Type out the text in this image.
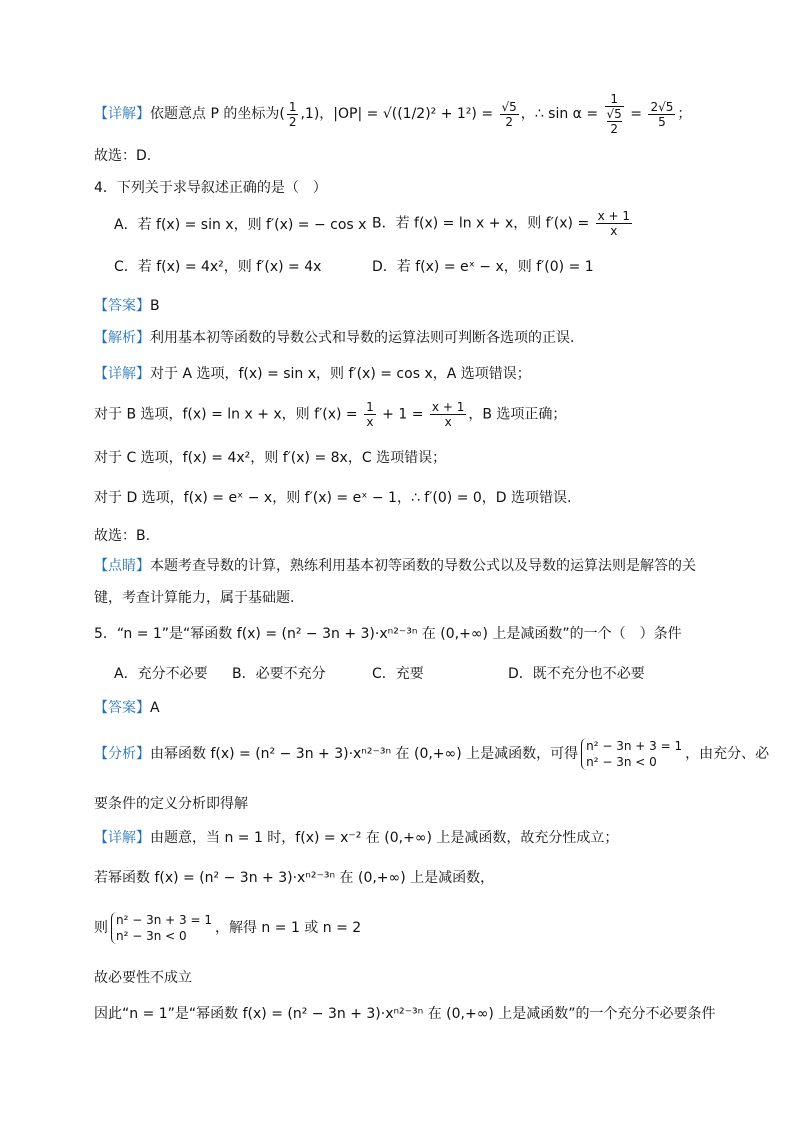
【详解】依题意点 P 的坐标为( $\frac{1}{2} ,1$)，$|OP| = √((1/2)^2 + 1^2) = \frac{√5}{2}$ ，∴ sin α = 1
√5
$2 = \frac{2√5}{5}$ ；
故选：D.
4．下列关于求导叙述正确的是（　）
A．若 f(x) = sin x，则 f′(x) = − cos x B．若 f(x) = ln x + x，则 $f'(x) = \frac{x + 1}{x}$
C．若 f(x) = 4x²，则 f′(x) = 4x	D．若 f(x) = eˣ − x，则 f′(0) = 1
【答案】B
【解析】利用基本初等函数的导数公式和导数的运算法则可判断各选项的正误.
【详解】对于 A 选项，f(x) = sin x，则 f′(x) = cos x，A 选项错误；
对于 B 选项，f(x) = ln x + x，则 $f'(x) = \frac{1}{x} + 1 = \frac{x + 1}{x}$ ，B 选项正确；
对于 C 选项，f(x) = 4x²，则 f′(x) = 8x，C 选项错误；
对于 D 选项，f(x) = eˣ − x，则 f′(x) = eˣ − 1，∴ f′(0) = 0，D 选项错误.
故选：B.
【点睛】本题考查导数的计算，熟练利用基本初等函数的导数公式以及导数的运算法则是解答的关
键，考查计算能力，属于基础题.
5．“n = 1”是“幂函数 f(x) = (n² − 3n + 3)·xⁿ²⁻³ⁿ 在 (0,+∞) 上是减函数”的一个（　）条件
A．充分不必要 B．必要不充分	C．充要	D．既不充分也不必要
【答案】A
【分析】由幂函数 f(x) = (n² − 3n + 3)·xⁿ²⁻³ⁿ 在 (0,+∞) 上是减函数，可得 n² − 3n + 3 = 1
n² − 3n < 0	，由充分、必
要条件的定义分析即得解
【详解】由题意，当 n = 1 时，f(x) = x⁻² 在 (0,+∞) 上是减函数，故充分性成立；
若幂函数 f(x) = (n² − 3n + 3)·xⁿ²⁻³ⁿ 在 (0,+∞) 上是减函数，
则 n² − 3n + 3 = 1
n² − 3n < 0	，解得 n = 1 或 n = 2
故必要性不成立
因此“n = 1”是“幂函数 f(x) = (n² − 3n + 3)·xⁿ²⁻³ⁿ 在 (0,+∞) 上是减函数”的一个充分不必要条件
